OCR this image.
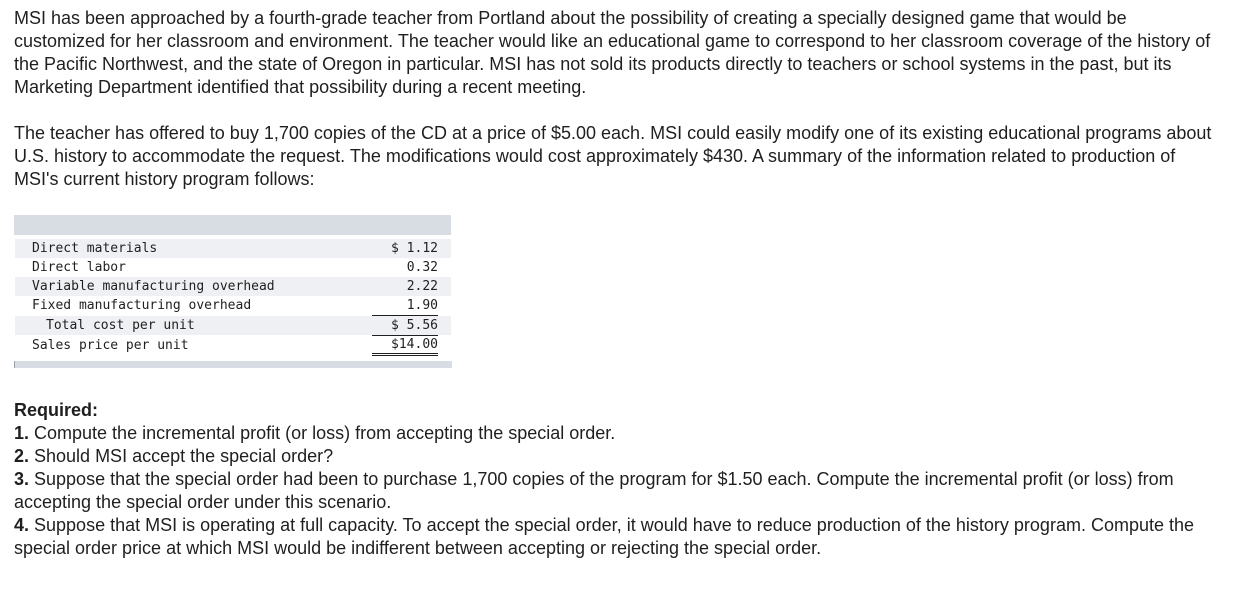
MSI has been approached by a fourth-grade teacher from Portland about the possibility of creating a specially designed game that would be customized for her classroom and environment. The teacher would like an educational game to correspond to her classroom coverage of the history of the Pacific Northwest, and the state of Oregon in particular. MSI has not sold its products directly to teachers or school systems in the past, but its Marketing Department identified that possibility during a recent meeting.

The teacher has offered to buy 1,700 copies of the CD at a price of $5.00 each. MSI could easily modify one of its existing educational programs about U.S. history to accommodate the request. The modifications would cost approximately $430. A summary of the information related to production of MSI's current history program follows:

Direct materials	$ 1.12
Direct labor	0.32
Variable manufacturing overhead	2.22
Fixed manufacturing overhead	1.90
Total cost per unit	$ 5.56
Sales price per unit	$14.00
Required:
1. Compute the incremental profit (or loss) from accepting the special order.
2. Should MSI accept the special order?
3. Suppose that the special order had been to purchase 1,700 copies of the program for $1.50 each. Compute the incremental profit (or loss) from accepting the special order under this scenario.
4. Suppose that MSI is operating at full capacity. To accept the special order, it would have to reduce production of the history program. Compute the special order price at which MSI would be indifferent between accepting or rejecting the special order.
